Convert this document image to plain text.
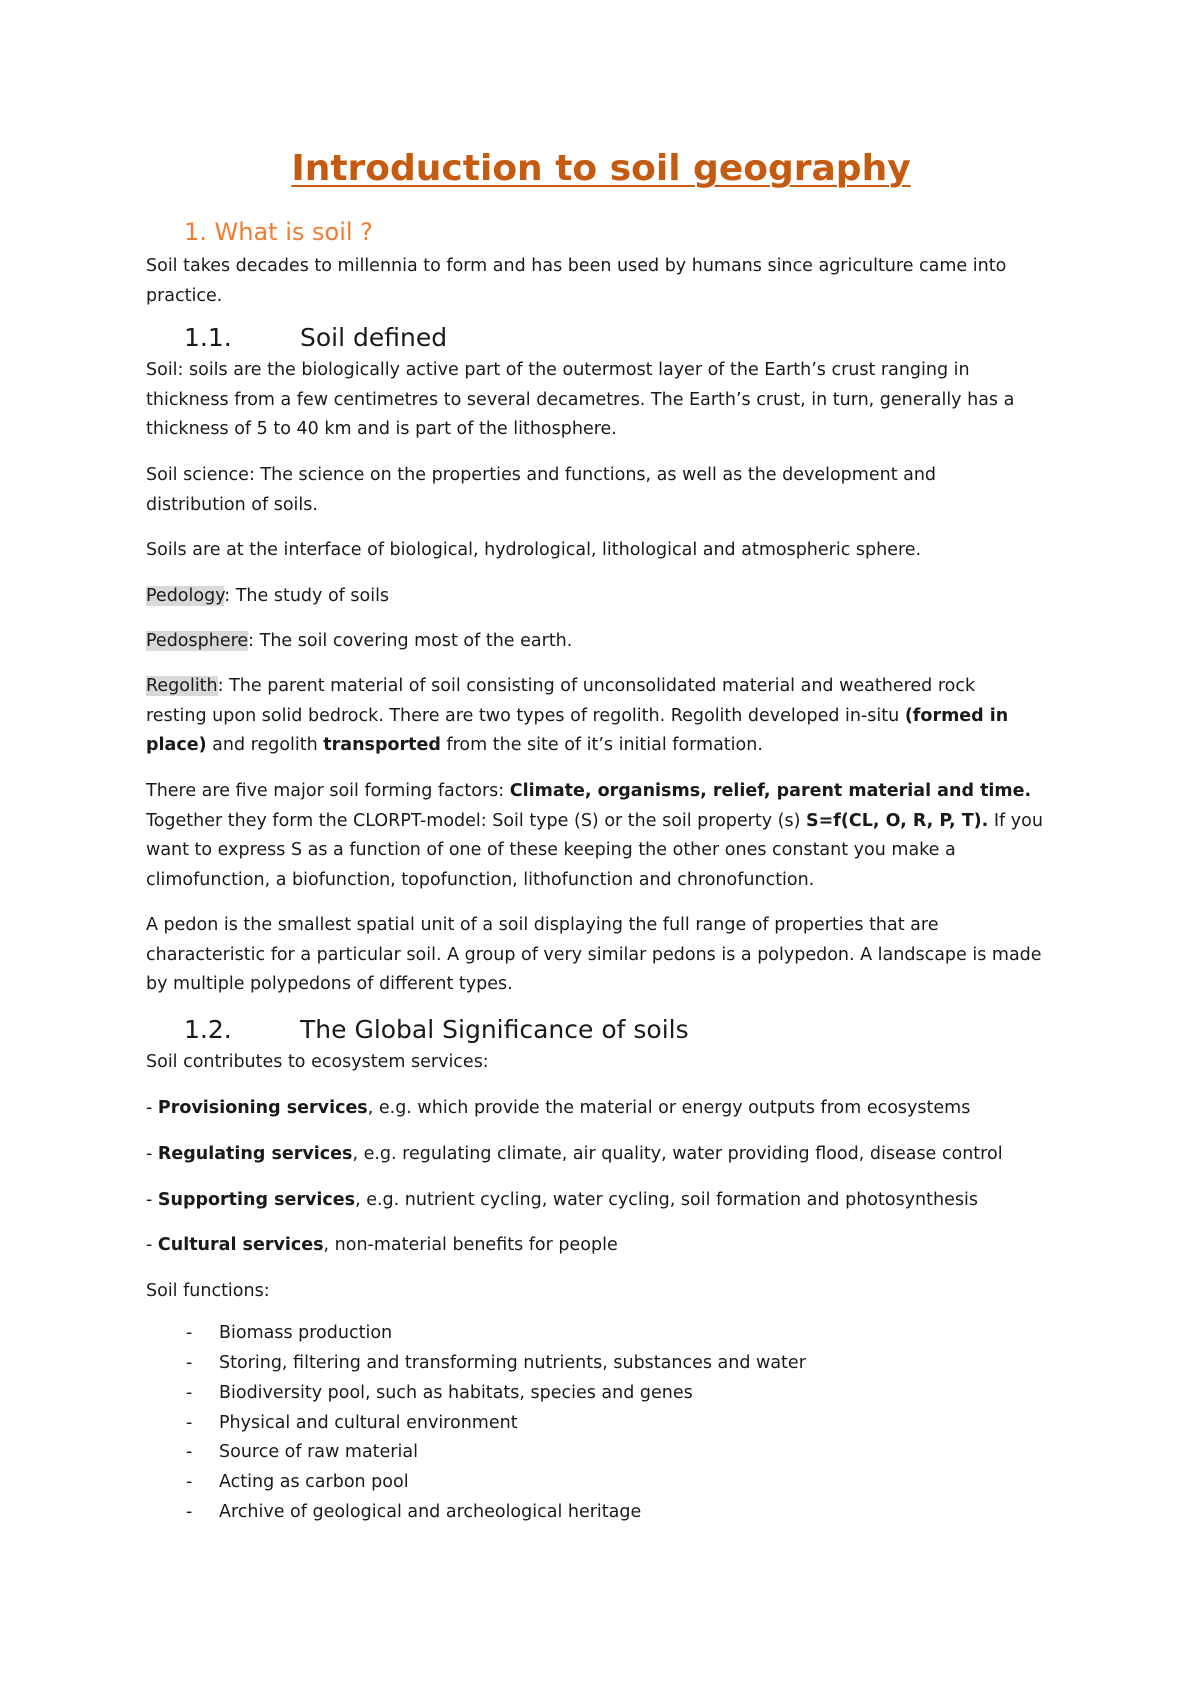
Introduction to soil geography
1. What is soil ?
Soil takes decades to millennia to form and has been used by humans since agriculture came into
practice.
1.1.	Soil defined
Soil: soils are the biologically active part of the outermost layer of the Earth’s crust ranging in
thickness from a few centimetres to several decametres. The Earth’s crust, in turn, generally has a
thickness of 5 to 40 km and is part of the lithosphere.
Soil science: The science on the properties and functions, as well as the development and
distribution of soils.
Soils are at the interface of biological, hydrological, lithological and atmospheric sphere.
Pedology: The study of soils
Pedosphere: The soil covering most of the earth.
Regolith: The parent material of soil consisting of unconsolidated material and weathered rock
resting upon solid bedrock. There are two types of regolith. Regolith developed in-situ (formed in
place) and regolith transported from the site of it’s initial formation.
There are five major soil forming factors: Climate, organisms, relief, parent material and time.
Together they form the CLORPT-model: Soil type (S) or the soil property (s) S=f(CL, O, R, P, T). If you
want to express S as a function of one of these keeping the other ones constant you make a
climofunction, a biofunction, topofunction, lithofunction and chronofunction.
A pedon is the smallest spatial unit of a soil displaying the full range of properties that are
characteristic for a particular soil. A group of very similar pedons is a polypedon. A landscape is made
by multiple polypedons of different types.
1.2.	The Global Significance of soils
Soil contributes to ecosystem services:
- Provisioning services, e.g. which provide the material or energy outputs from ecosystems
- Regulating services, e.g. regulating climate, air quality, water providing flood, disease control
- Supporting services, e.g. nutrient cycling, water cycling, soil formation and photosynthesis
- Cultural services, non-material benefits for people
Soil functions:
- Biomass production
- Storing, filtering and transforming nutrients, substances and water
- Biodiversity pool, such as habitats, species and genes
- Physical and cultural environment
- Source of raw material
- Acting as carbon pool
- Archive of geological and archeological heritage
